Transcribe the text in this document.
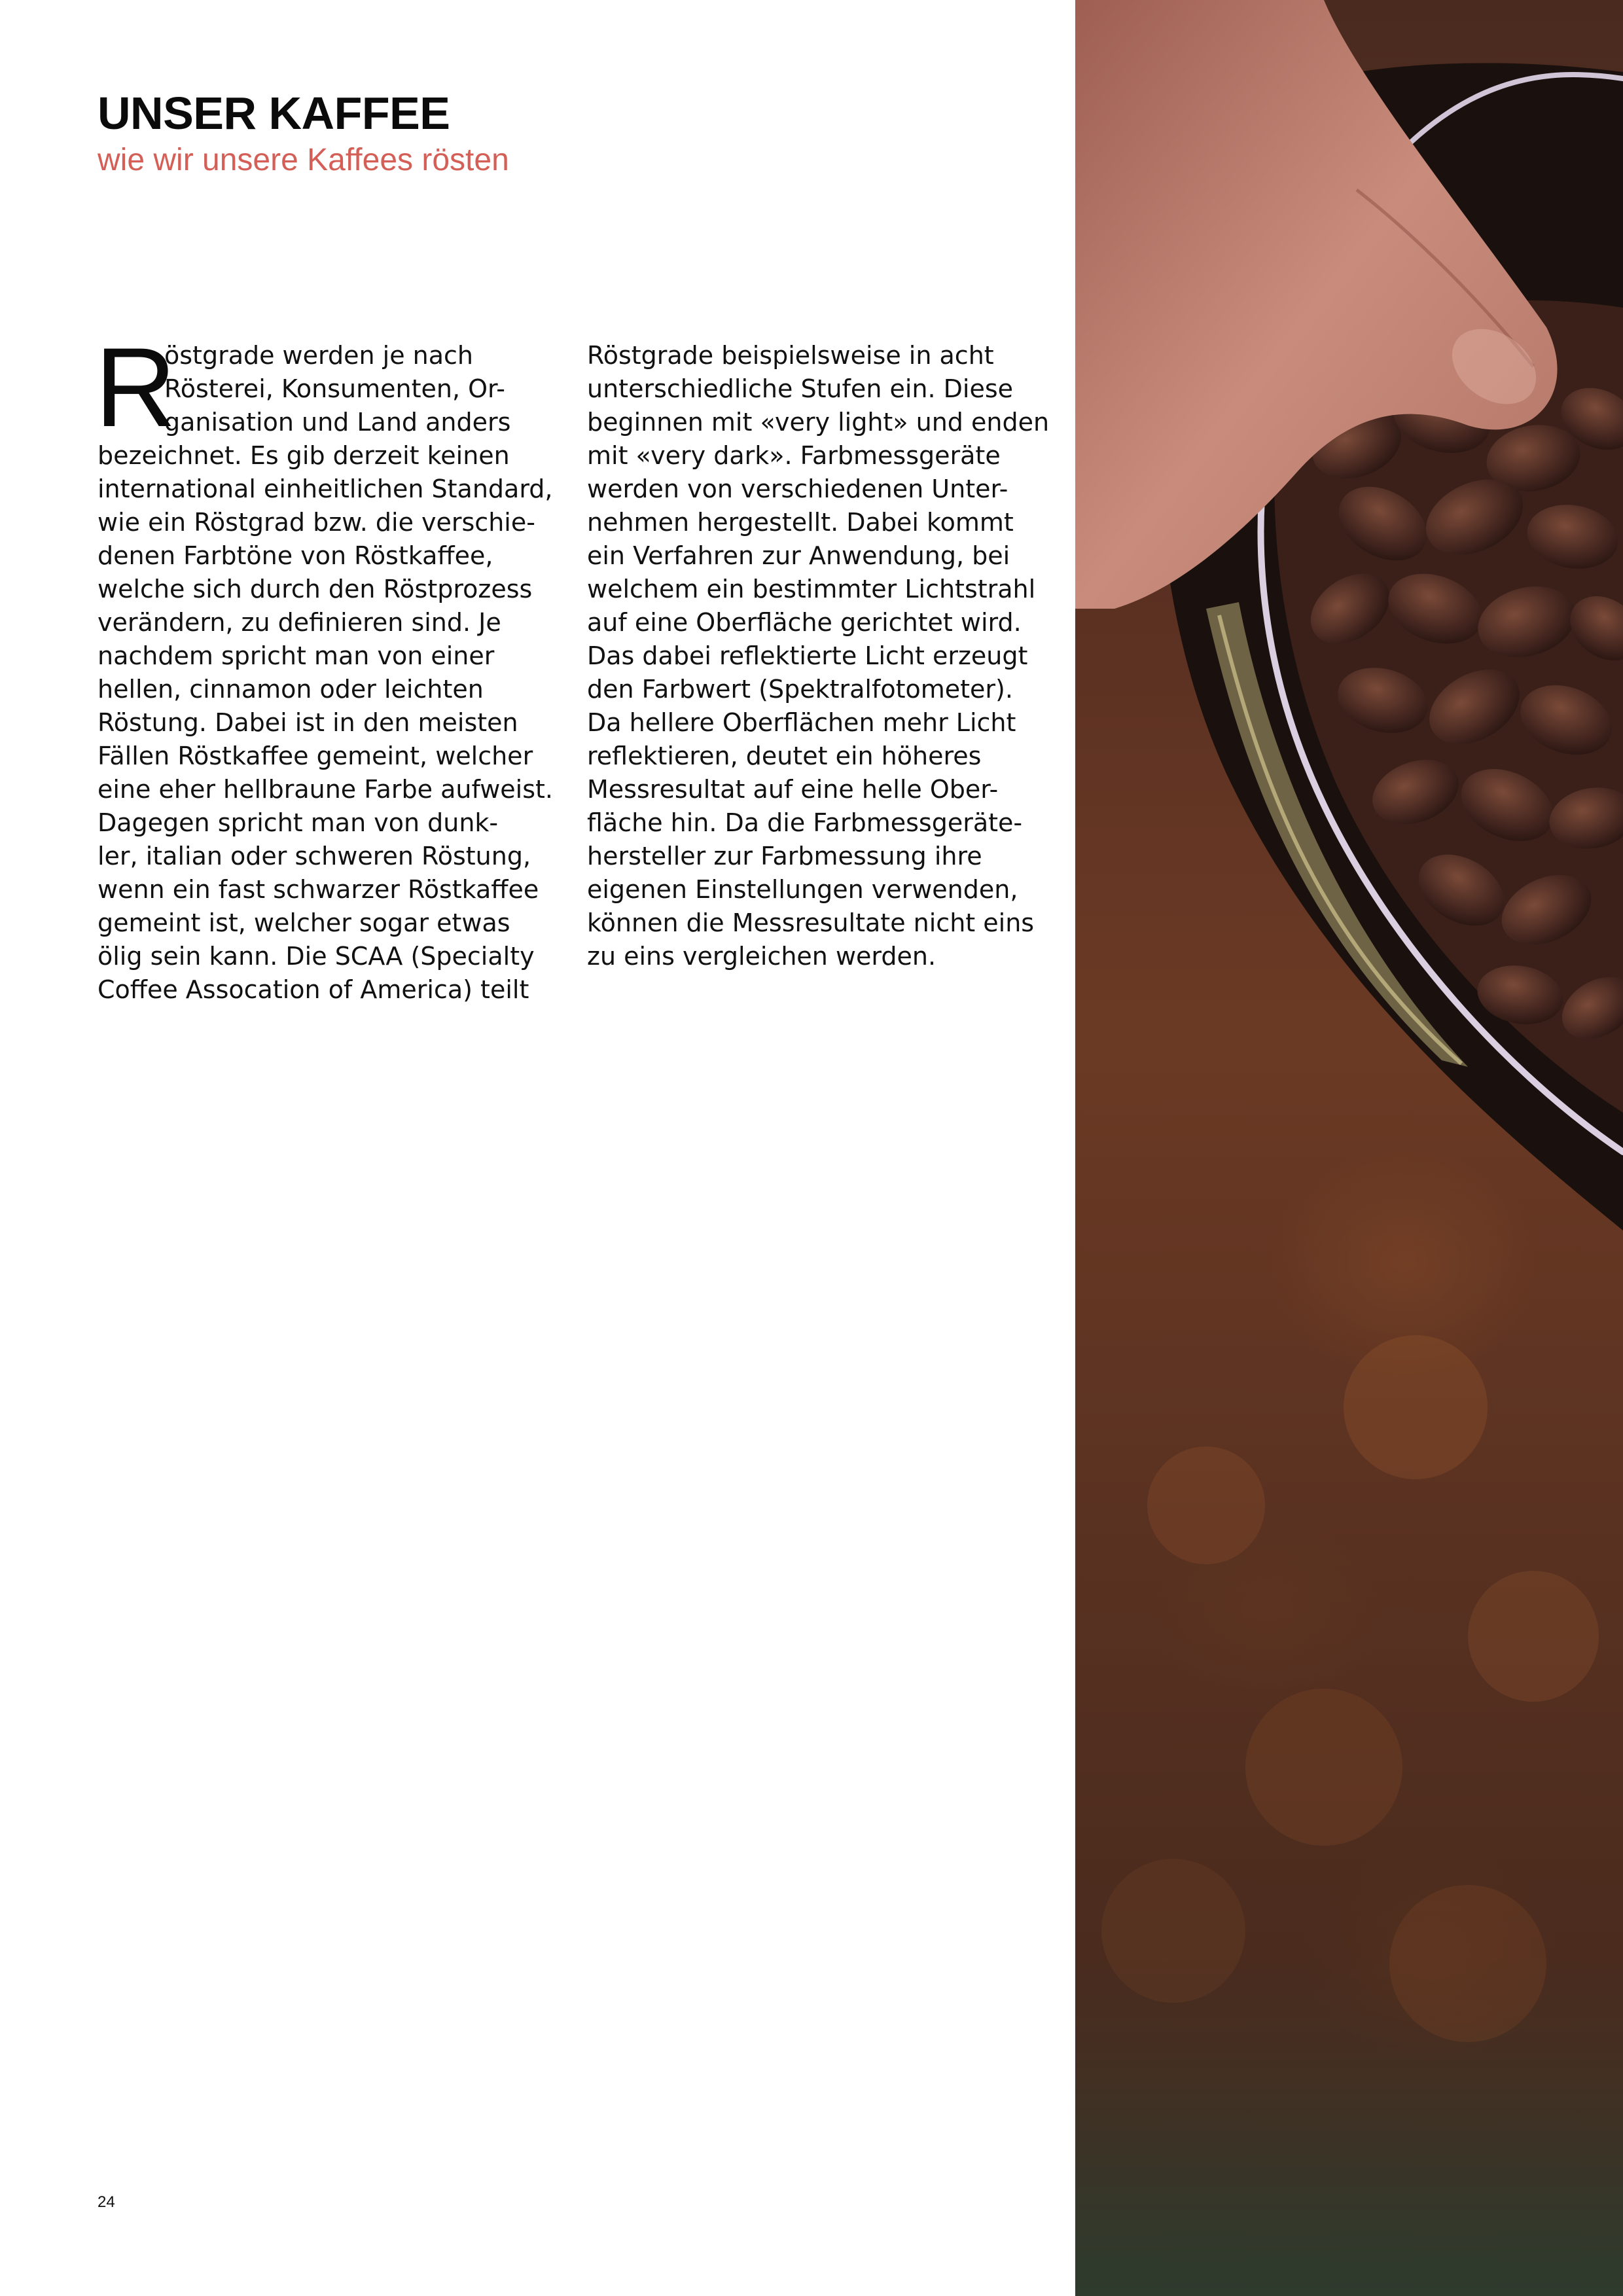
UNSER KAFFEE
wie wir unsere Kaffees rösten
R
östgrade werden je nach
Rösterei, Konsumenten, Or-
ganisation und Land anders
bezeichnet. Es gib derzeit keinen
international einheitlichen Standard,
wie ein Röstgrad bzw. die verschie-
denen Farbtöne von Röstkaffee,
welche sich durch den Röstprozess
verändern, zu definieren sind. Je
nachdem spricht man von einer
hellen, cinnamon oder leichten
Röstung. Dabei ist in den meisten
Fällen Röstkaffee gemeint, welcher
eine eher hellbraune Farbe aufweist.
Dagegen spricht man von dunk-
ler, italian oder schweren Röstung,
wenn ein fast schwarzer Röstkaffee
gemeint ist, welcher sogar etwas
ölig sein kann. Die SCAA (Specialty
Coffee Assocation of America) teilt
Röstgrade beispielsweise in acht
unterschiedliche Stufen ein. Diese
beginnen mit «very light» und enden
mit «very dark». Farbmessgeräte
werden von verschiedenen Unter-
nehmen hergestellt. Dabei kommt
ein Verfahren zur Anwendung, bei
welchem ein bestimmter Lichtstrahl
auf eine Oberfläche gerichtet wird.
Das dabei reflektierte Licht erzeugt
den Farbwert (Spektralfotometer).
Da hellere Oberflächen mehr Licht
reflektieren, deutet ein höheres
Messresultat auf eine helle Ober-
fläche hin. Da die Farbmessgeräte-
hersteller zur Farbmessung ihre
eigenen Einstellungen verwenden,
können die Messresultate nicht eins
zu eins vergleichen werden.
24
